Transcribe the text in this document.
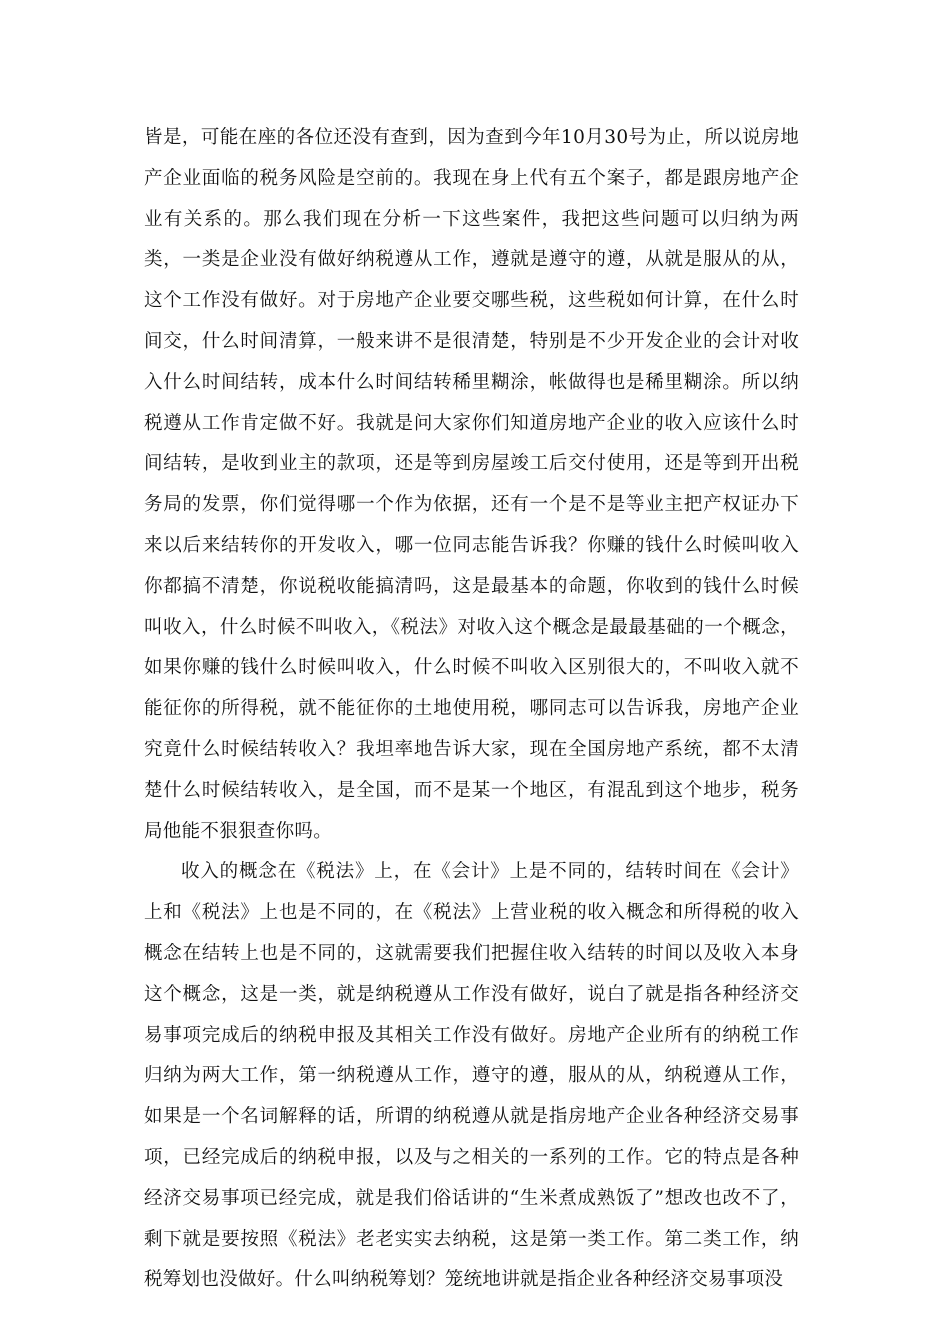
皆是，可能在座的各位还没有查到，因为查到今年10月30号为止，所以说房地产企业面临的税务风险是空前的。我现在身上代有五个案子，都是跟房地产企业有关系的。那么我们现在分析一下这些案件，我把这些问题可以归纳为两类，一类是企业没有做好纳税遵从工作，遵就是遵守的遵，从就是服从的从，这个工作没有做好。对于房地产企业要交哪些税，这些税如何计算，在什么时间交，什么时间清算，一般来讲不是很清楚，特别是不少开发企业的会计对收入什么时间结转，成本什么时间结转稀里糊涂，帐做得也是稀里糊涂。所以纳税遵从工作肯定做不好。我就是问大家你们知道房地产企业的收入应该什么时间结转，是收到业主的款项，还是等到房屋竣工后交付使用，还是等到开出税务局的发票，你们觉得哪一个作为依据，还有一个是不是等业主把产权证办下来以后来结转你的开发收入，哪一位同志能告诉我？你赚的钱什么时候叫收入你都搞不清楚，你说税收能搞清吗，这是最基本的命题，你收到的钱什么时候叫收入，什么时候不叫收入，《税法》对收入这个概念是最最基础的一个概念，如果你赚的钱什么时候叫收入，什么时候不叫收入区别很大的，不叫收入就不能征你的所得税，就不能征你的土地使用税，哪同志可以告诉我，房地产企业究竟什么时候结转收入？我坦率地告诉大家，现在全国房地产系统，都不太清楚什么时候结转收入，是全国，而不是某一个地区，有混乱到这个地步，税务局他能不狠狠查你吗。

收入的概念在《税法》上，在《会计》上是不同的，结转时间在《会计》上和《税法》上也是不同的，在《税法》上营业税的收入概念和所得税的收入概念在结转上也是不同的，这就需要我们把握住收入结转的时间以及收入本身这个概念，这是一类，就是纳税遵从工作没有做好，说白了就是指各种经济交易事项完成后的纳税申报及其相关工作没有做好。房地产企业所有的纳税工作归纳为两大工作，第一纳税遵从工作，遵守的遵，服从的从，纳税遵从工作，如果是一个名词解释的话，所谓的纳税遵从就是指房地产企业各种经济交易事项，已经完成后的纳税申报，以及与之相关的一系列的工作。它的特点是各种经济交易事项已经完成，就是我们俗话讲的“生米煮成熟饭了”想改也改不了，剩下就是要按照《税法》老老实实去纳税，这是第一类工作。第二类工作，纳税筹划也没做好。什么叫纳税筹划？笼统地讲就是指企业各种经济交易事项没
